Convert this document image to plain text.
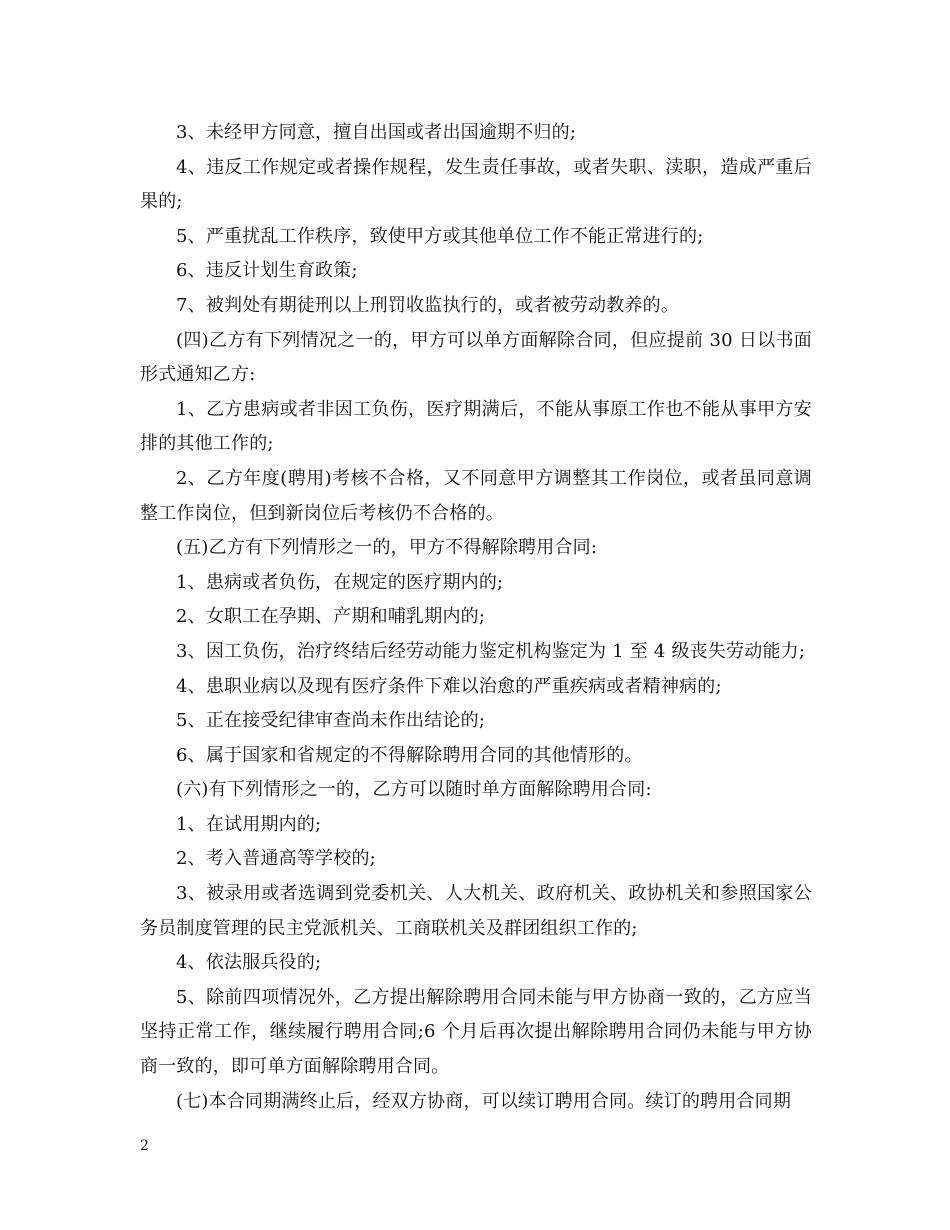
3、未经甲方同意，擅自出国或者出国逾期不归的;

4、违反工作规定或者操作规程，发生责任事故，或者失职、渎职，造成严重后果的;

5、严重扰乱工作秩序，致使甲方或其他单位工作不能正常进行的;

6、违反计划生育政策;

7、被判处有期徒刑以上刑罚收监执行的，或者被劳动教养的。

(四)乙方有下列情况之一的，甲方可以单方面解除合同，但应提前 30 日以书面形式通知乙方:

1、乙方患病或者非因工负伤，医疗期满后，不能从事原工作也不能从事甲方安排的其他工作的;

2、乙方年度(聘用)考核不合格，又不同意甲方调整其工作岗位，或者虽同意调整工作岗位，但到新岗位后考核仍不合格的。

(五)乙方有下列情形之一的，甲方不得解除聘用合同:

1、患病或者负伤，在规定的医疗期内的;

2、女职工在孕期、产期和哺乳期内的;

3、因工负伤，治疗终结后经劳动能力鉴定机构鉴定为 1 至 4 级丧失劳动能力;

4、患职业病以及现有医疗条件下难以治愈的严重疾病或者精神病的;

5、正在接受纪律审查尚未作出结论的;

6、属于国家和省规定的不得解除聘用合同的其他情形的。

(六)有下列情形之一的，乙方可以随时单方面解除聘用合同:

1、在试用期内的;

2、考入普通高等学校的;

3、被录用或者选调到党委机关、人大机关、政府机关、政协机关和参照国家公务员制度管理的民主党派机关、工商联机关及群团组织工作的;

4、依法服兵役的;

5、除前四项情况外，乙方提出解除聘用合同未能与甲方协商一致的，乙方应当坚持正常工作，继续履行聘用合同;6 个月后再次提出解除聘用合同仍未能与甲方协商一致的，即可单方面解除聘用合同。

(七)本合同期满终止后，经双方协商，可以续订聘用合同。续订的聘用合同期

2
